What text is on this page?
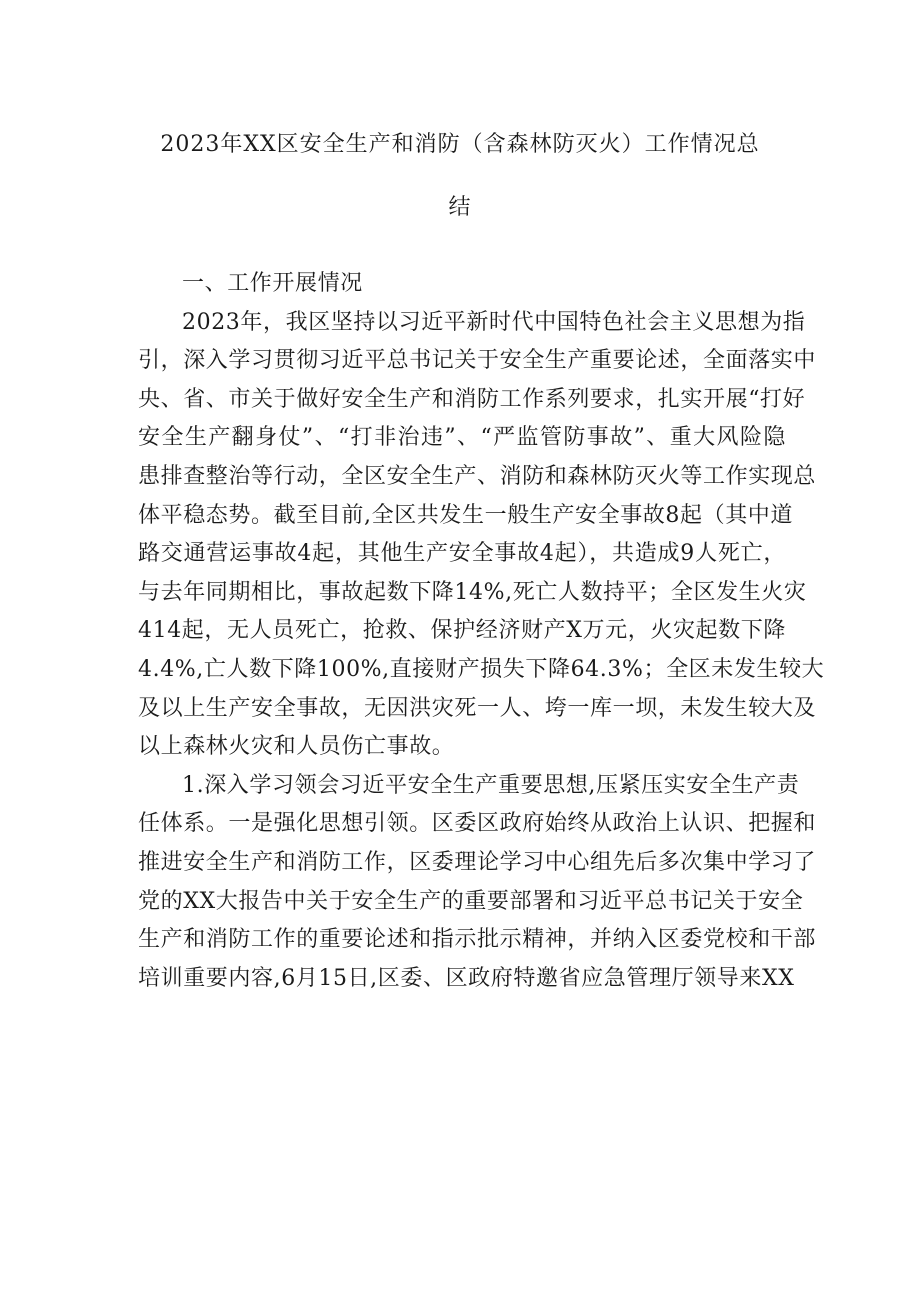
2023年XX区安全生产和消防（含森林防灭火）工作情况总
结

一、工作开展情况

2023年，我区坚持以习近平新时代中国特色社会主义思想为指
引，深入学习贯彻习近平总书记关于安全生产重要论述，全面落实中
央、省、市关于做好安全生产和消防工作系列要求，扎实开展“打好
安全生产翻身仗”、“打非治违”、“严监管防事故”、重大风险隐
患排查整治等行动，全区安全生产、消防和森林防灭火等工作实现总
体平稳态势。截至目前,全区共发生一般生产安全事故8起（其中道
路交通营运事故4起，其他生产安全事故4起），共造成9人死亡，
与去年同期相比，事故起数下降14%,死亡人数持平；全区发生火灾
414起，无人员死亡，抢救、保护经济财产X万元，火灾起数下降
4.4%,亡人数下降100%,直接财产损失下降64.3%；全区未发生较大
及以上生产安全事故，无因洪灾死一人、垮一库一坝，未发生较大及
以上森林火灾和人员伤亡事故。

1.深入学习领会习近平安全生产重要思想,压紧压实安全生产责
任体系。一是强化思想引领。区委区政府始终从政治上认识、把握和
推进安全生产和消防工作，区委理论学习中心组先后多次集中学习了
党的XX大报告中关于安全生产的重要部署和习近平总书记关于安全
生产和消防工作的重要论述和指示批示精神，并纳入区委党校和干部
培训重要内容,6月15日,区委、区政府特邀省应急管理厅领导来XX
